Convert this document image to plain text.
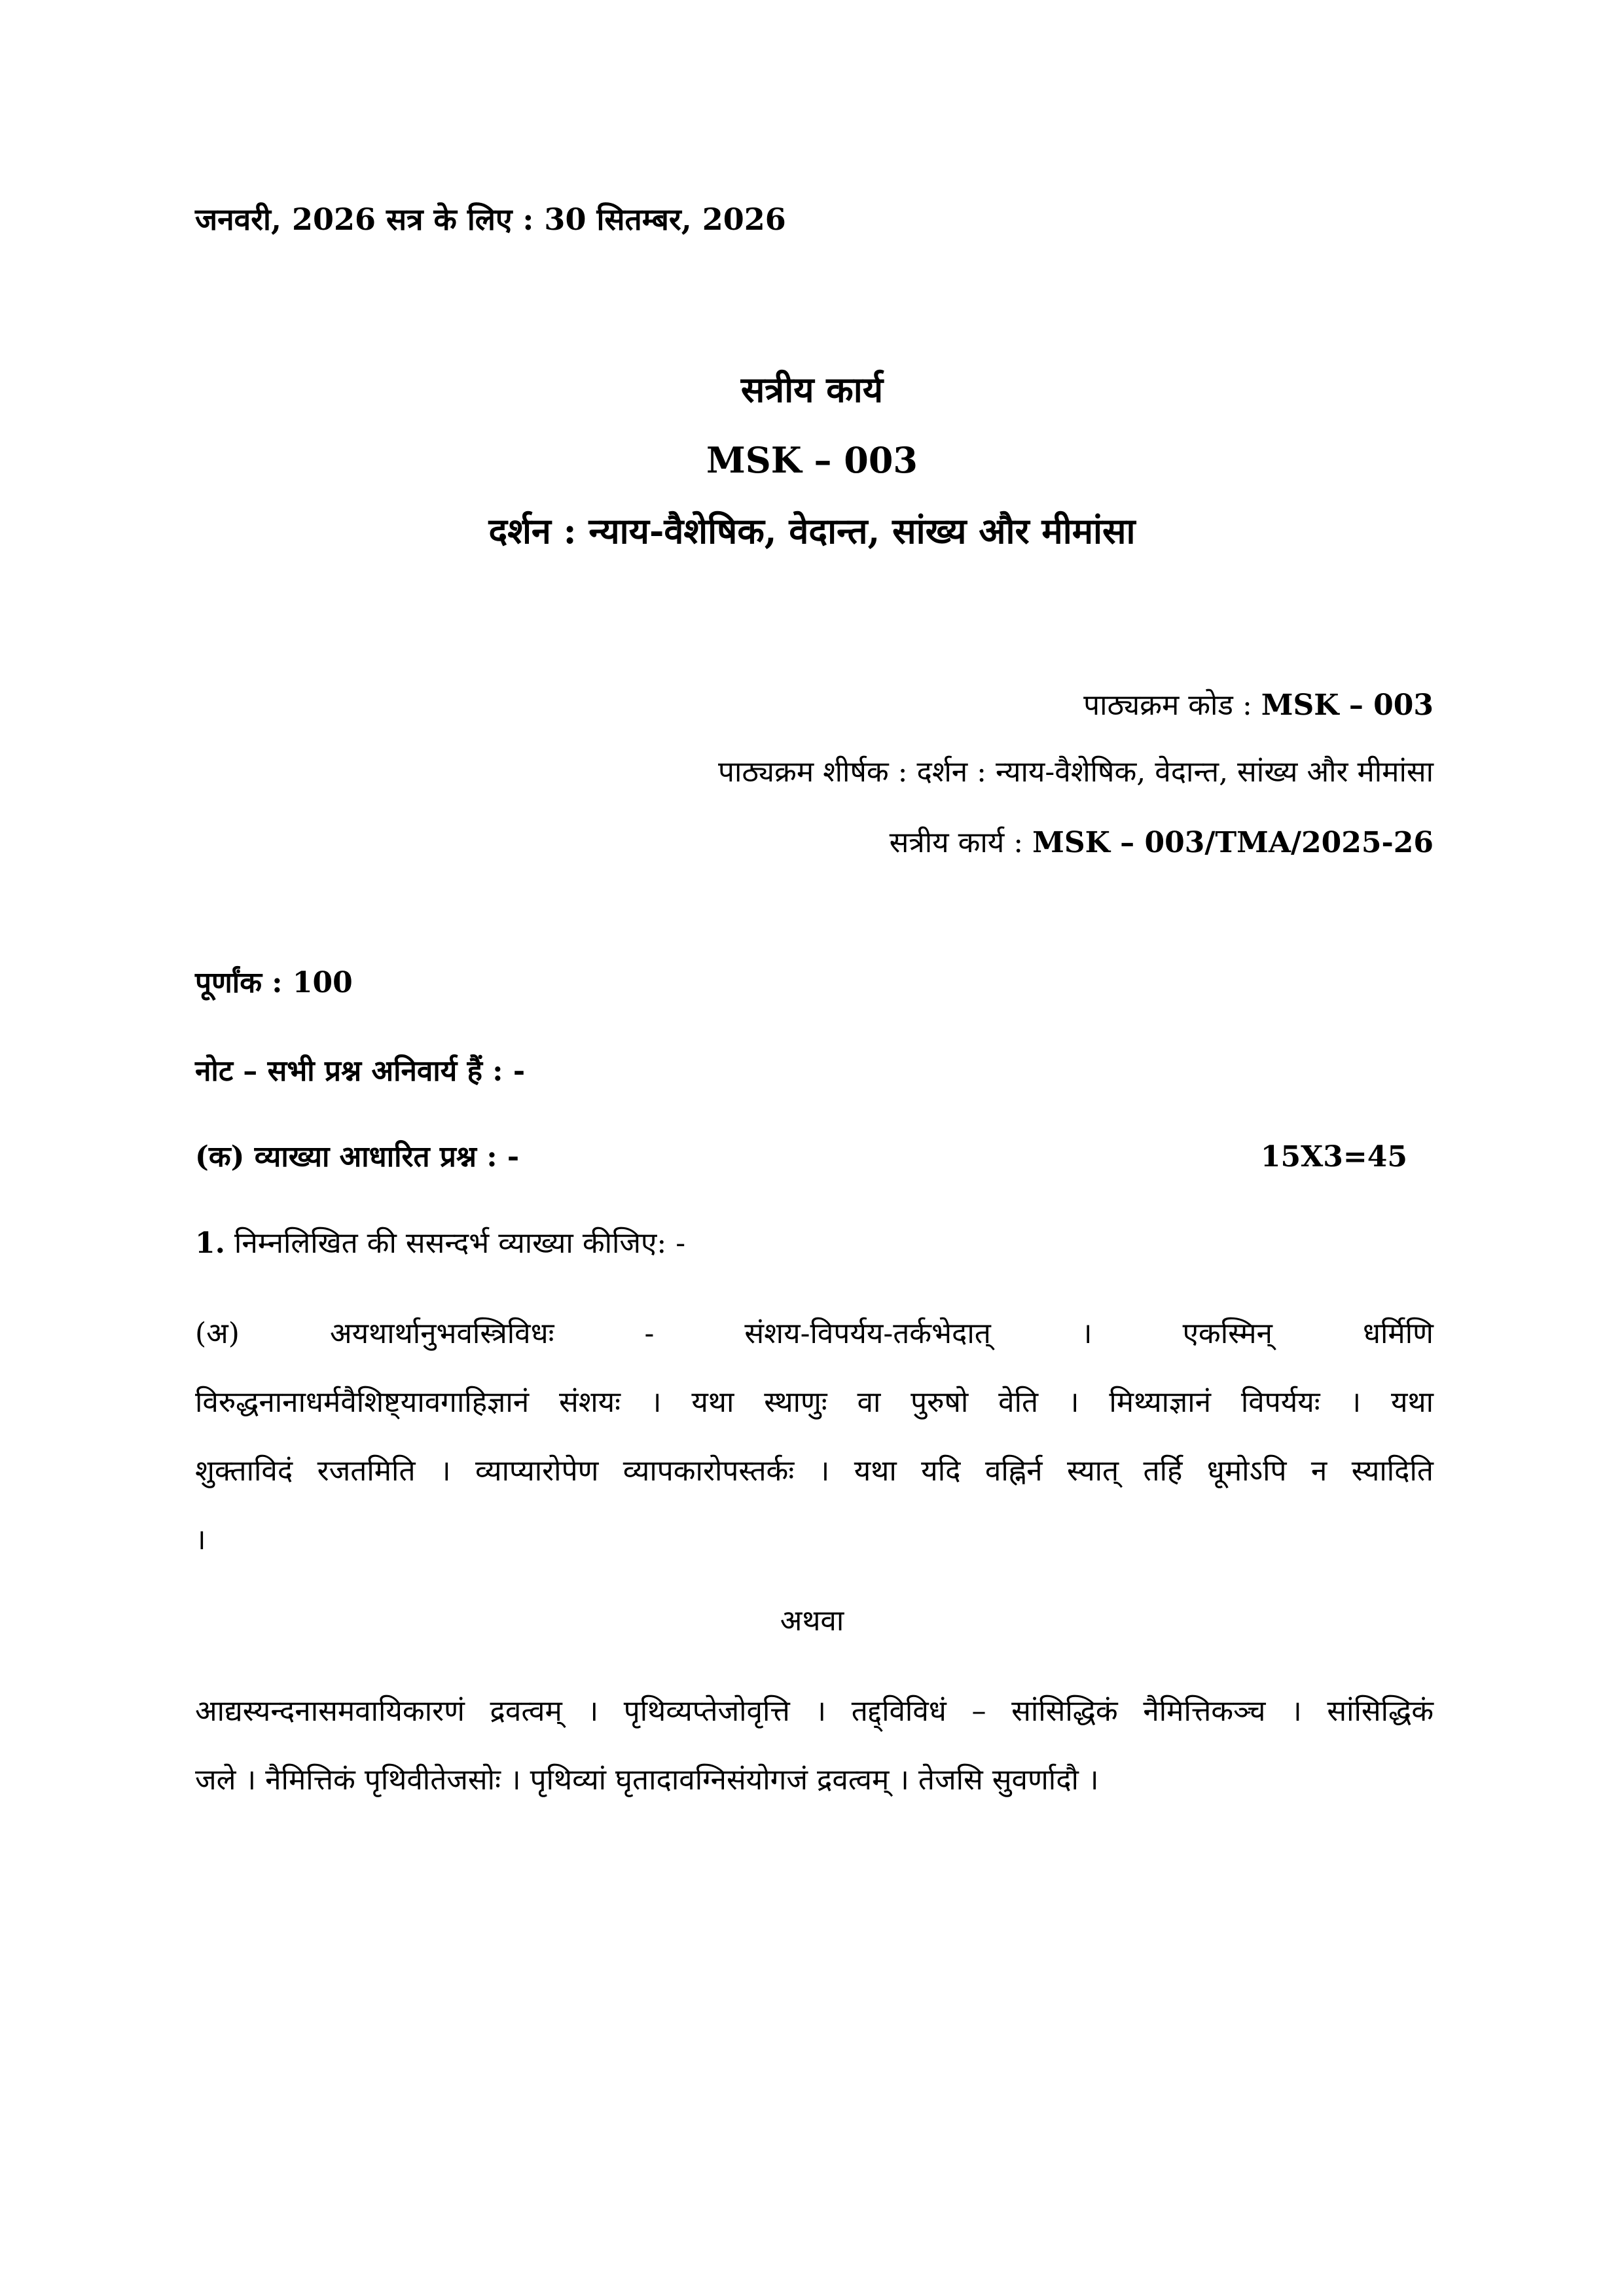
जनवरी, 2026 सत्र के लिए : 30 सितम्बर, 2026
सत्रीय कार्य
MSK – 003
दर्शन : न्याय-वैशेषिक, वेदान्त, सांख्य और मीमांसा
पाठ्यक्रम कोड : MSK – 003
पाठ्यक्रम शीर्षक : दर्शन : न्याय-वैशेषिक, वेदान्त, सांख्य और मीमांसा
सत्रीय कार्य : MSK – 003/TMA/2025-26
पूर्णांक : 100
नोट – सभी प्रश्न अनिवार्य हैं : -
(क) व्याख्या आधारित प्रश्न : -	15X3=45
1. निम्नलिखित की ससन्दर्भ व्याख्या कीजिए: -
(अ)	अयथार्थानुभवस्त्रिविधः	-	संशय-विपर्यय-तर्कभेदात्	।	एकस्मिन्	धर्मिणि
विरुद्धनानाधर्मवैशिष्ट्यावगाहिज्ञानं संशयः । यथा स्थाणुः वा पुरुषो वेति । मिथ्याज्ञानं विपर्ययः । यथा
शुक्ताविदं रजतमिति । व्याप्यारोपेण व्यापकारोपस्तर्कः । यथा यदि वह्निर्न स्यात् तर्हि धूमोऽपि न स्यादिति
।
अथवा
आद्यस्यन्दनासमवायिकारणं द्रवत्वम् । पृथिव्यप्तेजोवृत्ति । तद्द्विविधं – सांसिद्धिकं नैमित्तिकञ्च । सांसिद्धिकं
जले । नैमित्तिकं पृथिवीतेजसोः । पृथिव्यां घृतादावग्निसंयोगजं द्रवत्वम् । तेजसि सुवर्णादौ ।
